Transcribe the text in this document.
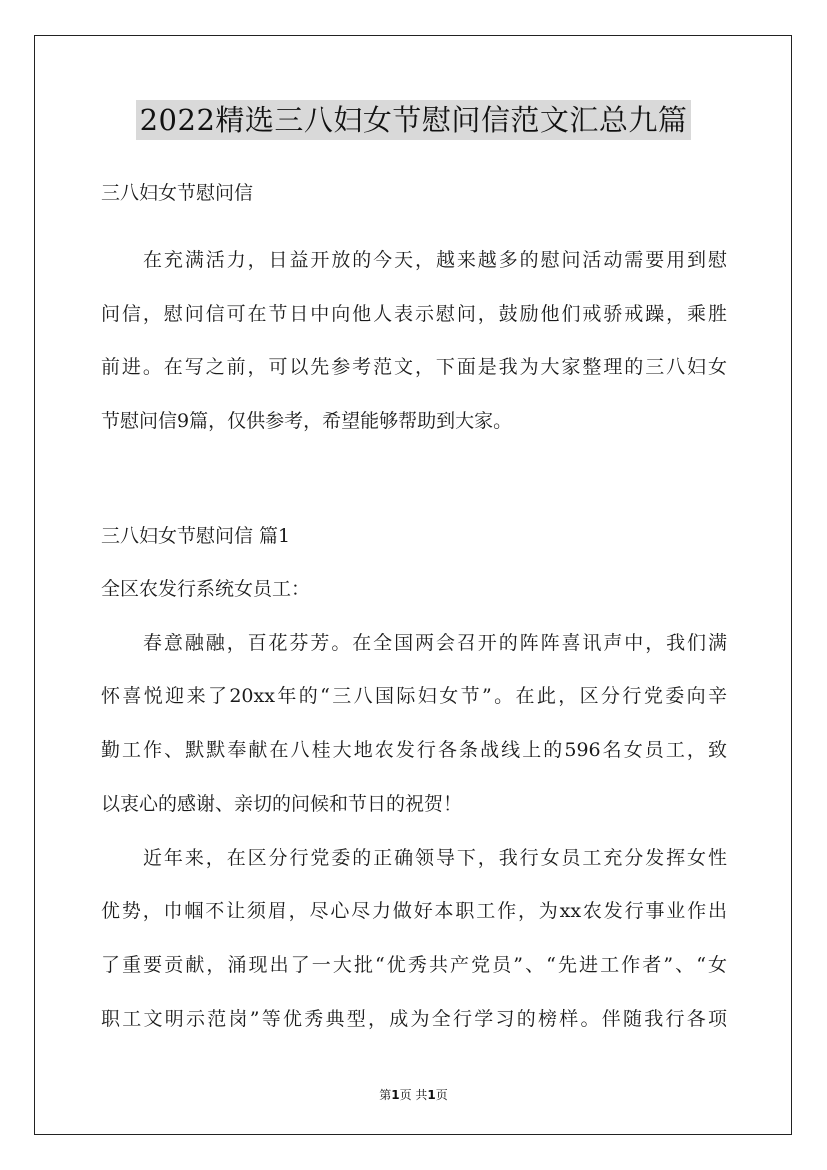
2022精选三八妇女节慰问信范文汇总九篇
三八妇女节慰问信
在充满活力，日益开放的今天，越来越多的慰问活动需要用到慰
问信，慰问信可在节日中向他人表示慰问，鼓励他们戒骄戒躁，乘胜
前进。在写之前，可以先参考范文，下面是我为大家整理的三八妇女
节慰问信9篇，仅供参考，希望能够帮助到大家。
三八妇女节慰问信 篇1
全区农发行系统女员工：
春意融融，百花芬芳。在全国两会召开的阵阵喜讯声中，我们满
怀喜悦迎来了20xx年的“三八国际妇女节”。在此，区分行党委向辛
勤工作、默默奉献在八桂大地农发行各条战线上的596名女员工，致
以衷心的感谢、亲切的问候和节日的祝贺！
近年来，在区分行党委的正确领导下，我行女员工充分发挥女性
优势，巾帼不让须眉，尽心尽力做好本职工作，为xx农发行事业作出
了重要贡献，涌现出了一大批“优秀共产党员”、“先进工作者”、“女
职工文明示范岗”等优秀典型，成为全行学习的榜样。伴随我行各项
第1页 共1页
